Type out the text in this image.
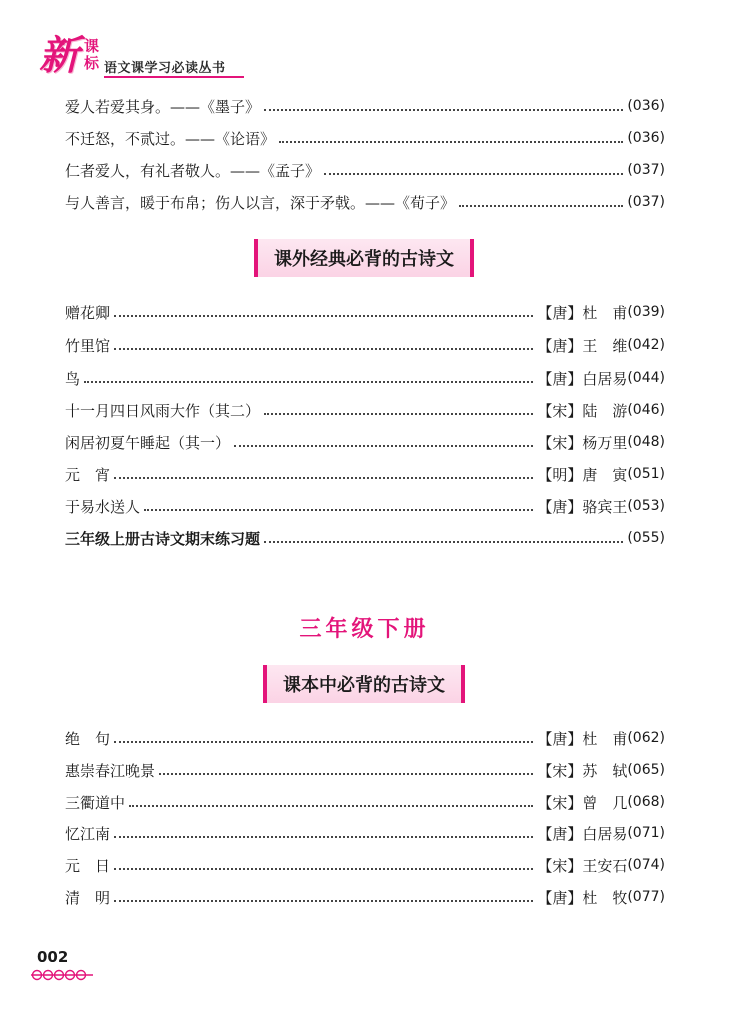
新 课标 语文课学习必读丛书
爱人若爱其身。——《墨子》	(036)
不迁怒，不贰过。——《论语》	(036)
仁者爱人，有礼者敬人。——《孟子》	(037)
与人善言，暖于布帛；伤人以言，深于矛戟。——《荀子》	(037)
课外经典必背的古诗文
赠花卿	【唐】杜　甫 (039)
竹里馆	【唐】王　维 (042)
鸟	【唐】白居易 (044)
十一月四日风雨大作（其二）	【宋】陆　游 (046)
闲居初夏午睡起（其一）	【宋】杨万里 (048)
元　宵	【明】唐　寅 (051)
于易水送人	【唐】骆宾王 (053)
三年级上册古诗文期末练习题	(055)
三年级下册
课本中必背的古诗文
绝　句	【唐】杜　甫 (062)
惠崇春江晚景	【宋】苏　轼 (065)
三衢道中	【宋】曾　几 (068)
忆江南	【唐】白居易 (071)
元　日	【宋】王安石 (074)
清　明	【唐】杜　牧 (077)
002
